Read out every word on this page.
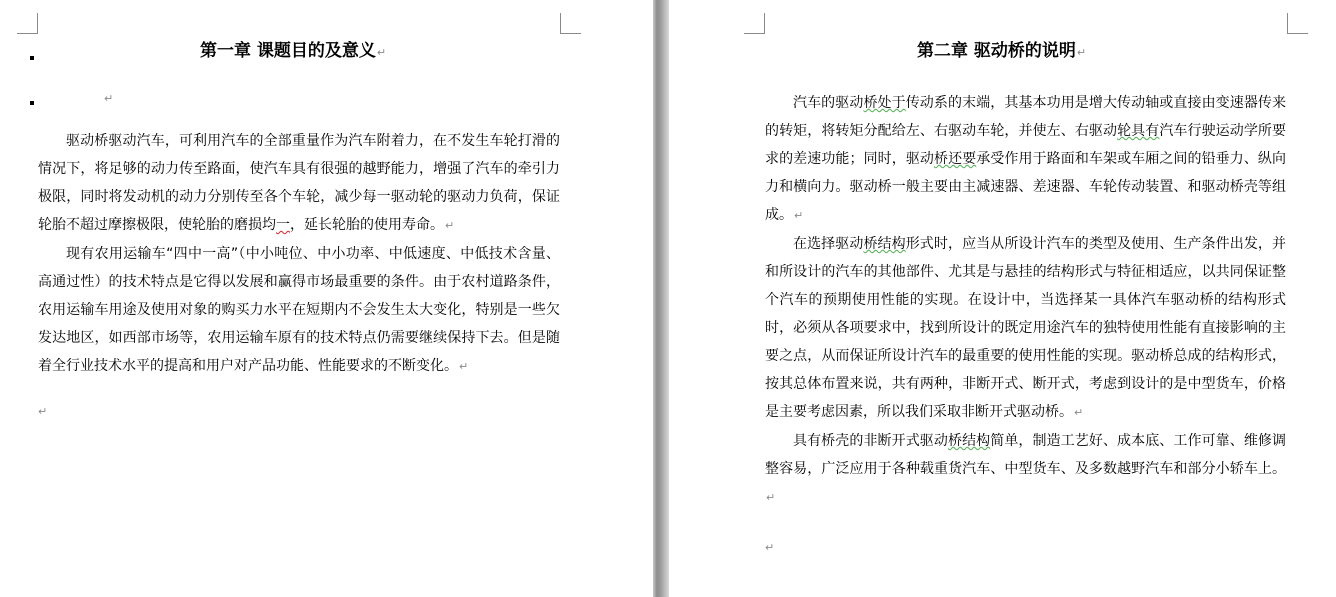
第一章 课题目的及意义↵
↵

驱动桥驱动汽车，可利用汽车的全部重量作为汽车附着力，在不发生车轮打滑的情况下，将足够的动力传至路面，使汽车具有很强的越野能力，增强了汽车的牵引力极限，同时将发动机的动力分别传至各个车轮，减少每一驱动轮的驱动力负荷，保证轮胎不超过摩擦极限，使轮胎的磨损均一，延长轮胎的使用寿命。↵

现有农用运输车“四中一高”（中小吨位、中小功率、中低速度、中低技术含量、高通过性）的技术特点是它得以发展和赢得市场最重要的条件。由于农村道路条件，农用运输车用途及使用对象的购买力水平在短期内不会发生太大变化，特别是一些欠发达地区，如西部市场等，农用运输车原有的技术特点仍需要继续保持下去。但是随着全行业技术水平的提高和用户对产品功能、性能要求的不断变化。↵

↵
第二章 驱动桥的说明↵

汽车的驱动桥处于传动系的末端，其基本功用是增大传动轴或直接由变速器传来的转矩，将转矩分配给左、右驱动车轮，并使左、右驱动轮具有汽车行驶运动学所要求的差速功能；同时，驱动桥还要承受作用于路面和车架或车厢之间的铅垂力、纵向力和横向力。驱动桥一般主要由主减速器、差速器、车轮传动装置、和驱动桥壳等组成。↵

在选择驱动桥结构形式时，应当从所设计汽车的类型及使用、生产条件出发，并和所设计的汽车的其他部件、尤其是与悬挂的结构形式与特征相适应，以共同保证整个汽车的预期使用性能的实现。在设计中，当选择某一具体汽车驱动桥的结构形式时，必须从各项要求中，找到所设计的既定用途汽车的独特使用性能有直接影响的主要之点，从而保证所设计汽车的最重要的使用性能的实现。驱动桥总成的结构形式，按其总体布置来说，共有两种，非断开式、断开式，考虑到设计的是中型货车，价格是主要考虑因素，所以我们采取非断开式驱动桥。↵

具有桥壳的非断开式驱动桥结构简单，制造工艺好、成本底、工作可靠、维修调整容易，广泛应用于各种载重货汽车、中型货车、及多数越野汽车和部分小轿车上。↵

↵
